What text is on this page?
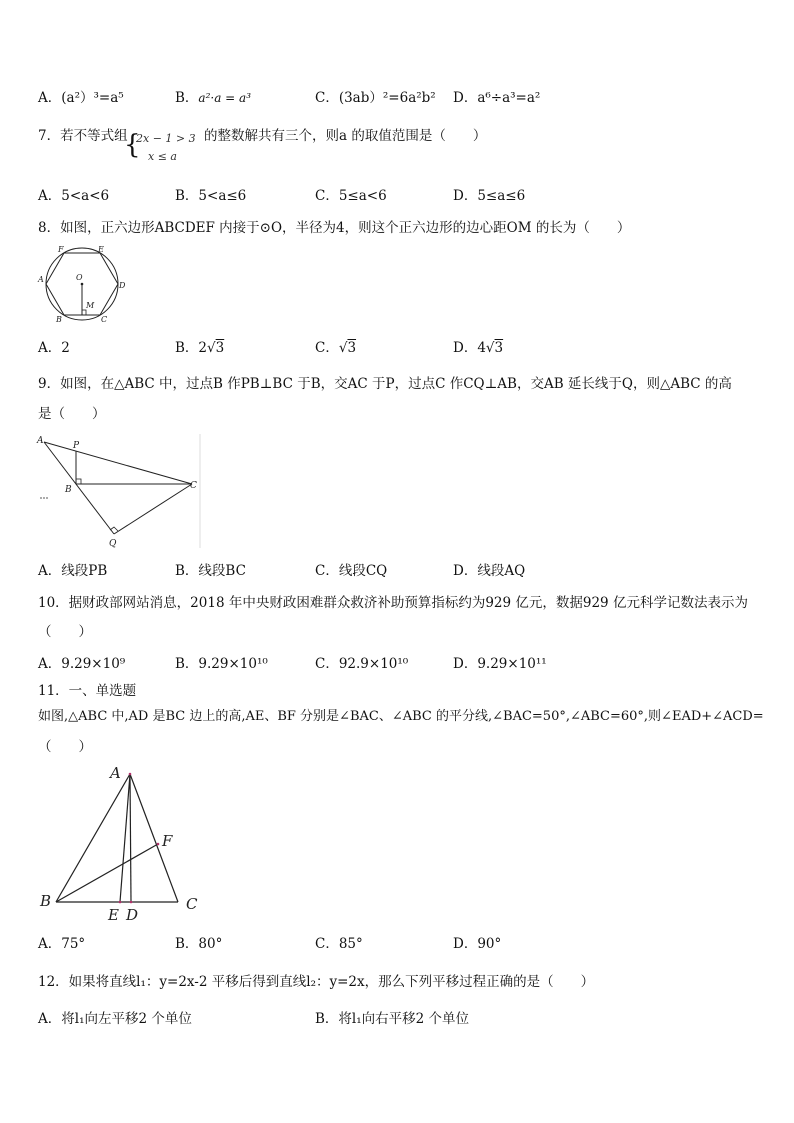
A．(a²）³=a⁵	B．a²·a = a³	C．(3ab）²=6a²b² D．a⁶÷a³=a²
7．若不等式组
{
2x − 1 > 3
x ≤ a
的整数解共有三个，则a 的取值范围是（　　）
A．5<a<6	B．5<a≤6	C．5≤a<6	D．5≤a≤6
8．如图，正六边形ABCDEF 内接于⊙O，半径为4，则这个正六边形的边心距OM 的长为（　　）
A
B	C
D
E
F
O
M
A．2	B．2√3	C．√3	D．4√3
9．如图，在△ABC 中，过点B 作PB⊥BC 于B，交AC 于P，过点C 作CQ⊥AB，交AB 延长线于Q，则△ABC 的高
是（　　）
A	P
B	C
Q
A．线段PB	B．线段BC	C．线段CQ	D．线段AQ
10．据财政部网站消息，2018 年中央财政困难群众救济补助预算指标约为929 亿元，数据929 亿元科学记数法表示为
（　　）
A．9.29×10⁹	B．9.29×10¹⁰	C．92.9×10¹⁰	D．9.29×10¹¹
11．一、单选题
如图,△ABC 中,AD 是BC 边上的高,AE、BF 分别是∠BAC、∠ABC 的平分线,∠BAC=50°,∠ABC=60°,则∠EAD+∠ACD=
（　　）
A
B	C
E D
F
A．75°	B．80°	C．85°	D．90°
12．如果将直线l₁：y=2x-2 平移后得到直线l₂：y=2x，那么下列平移过程正确的是（　　）
A．将l₁向左平移2 个单位	B．将l₁向右平移2 个单位
